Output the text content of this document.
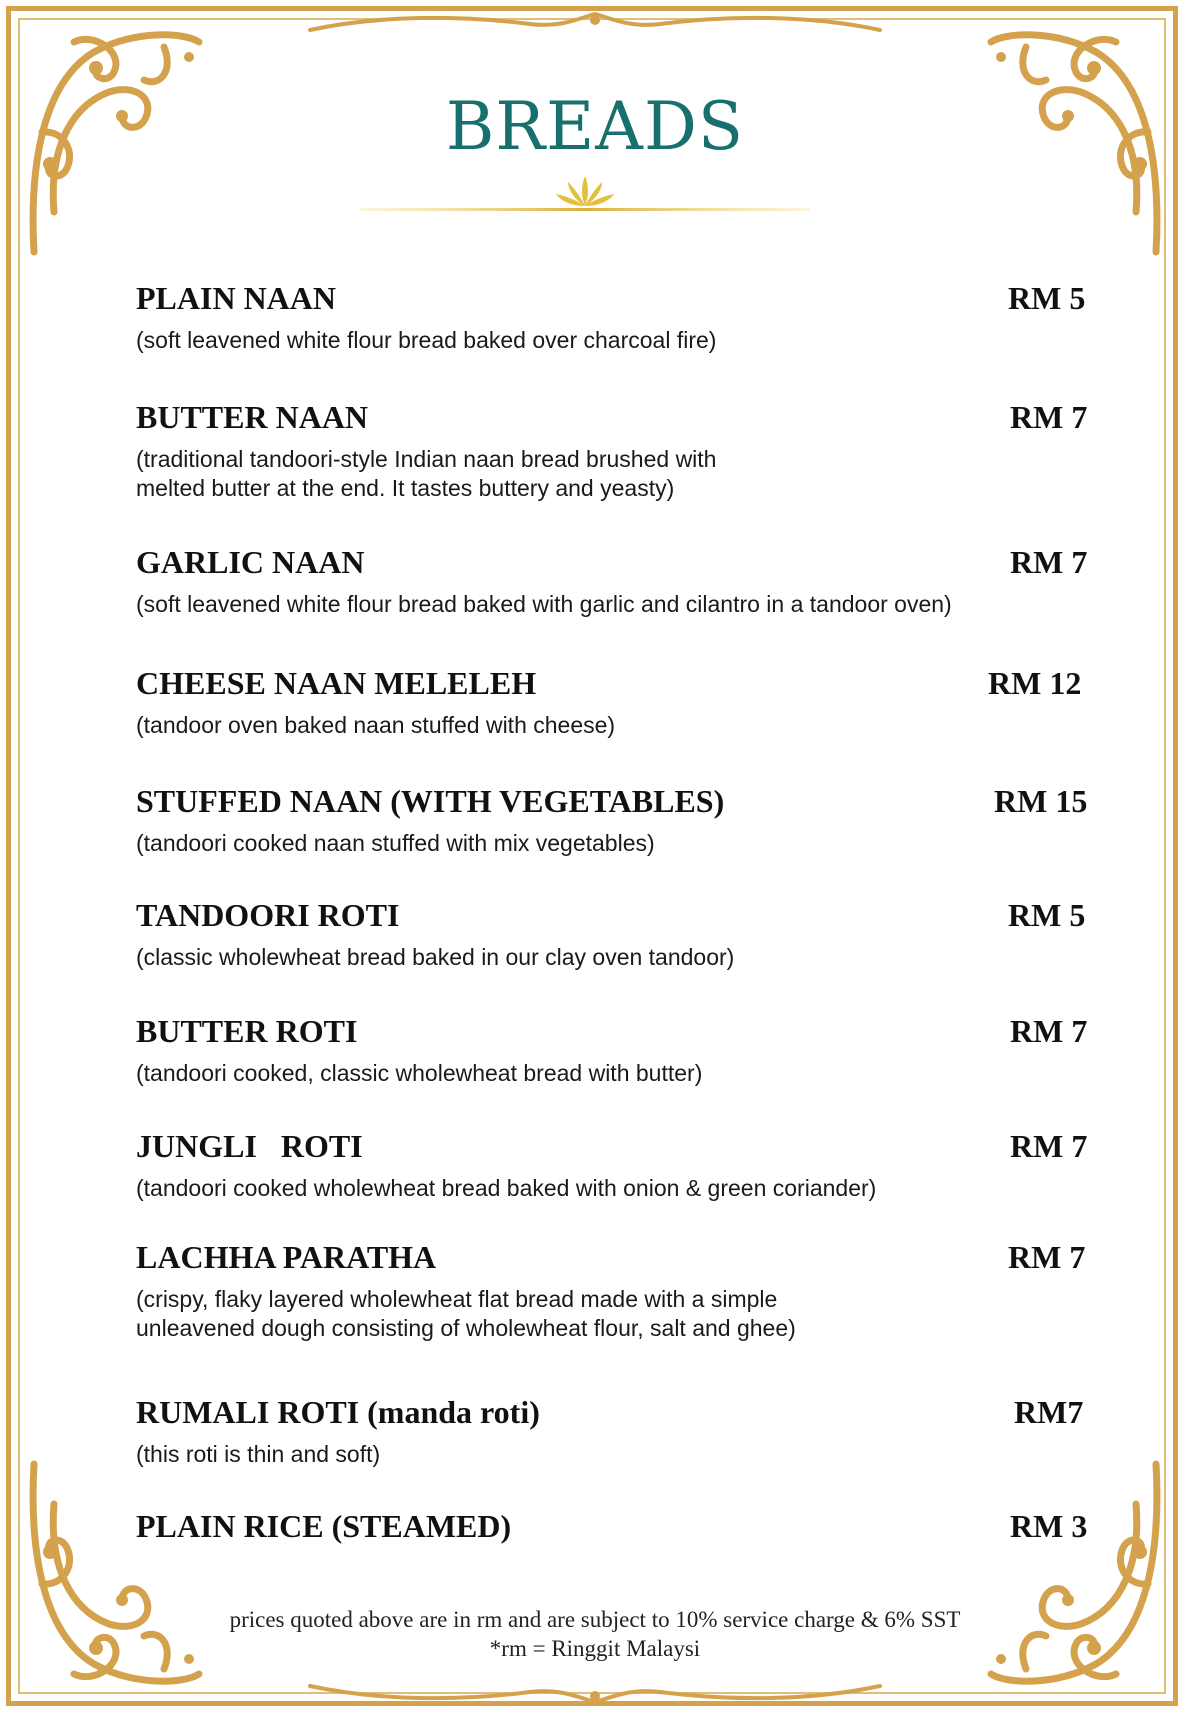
BREADS
PLAIN NAAN	RM 5
(soft leavened white flour bread baked over charcoal fire)
BUTTER NAAN	RM 7
(traditional tandoori-style Indian naan bread brushed with
melted butter at the end. It tastes buttery and yeasty)
GARLIC NAAN	RM 7
(soft leavened white flour bread baked with garlic and cilantro in a tandoor oven)
CHEESE NAAN MELELEH	RM 12
(tandoor oven baked naan stuffed with cheese)
STUFFED NAAN (WITH VEGETABLES)	RM 15
(tandoori cooked naan stuffed with mix vegetables)
TANDOORI ROTI	RM 5
(classic wholewheat bread baked in our clay oven tandoor)
BUTTER ROTI	RM 7
(tandoori cooked, classic wholewheat bread with butter)
JUNGLI   ROTI	RM 7
(tandoori cooked wholewheat bread baked with onion & green coriander)
LACHHA PARATHA	RM 7
(crispy, flaky layered wholewheat flat bread made with a simple
unleavened dough consisting of wholewheat flour, salt and ghee)
RUMALI ROTI (manda roti)	RM7
(this roti is thin and soft)
PLAIN RICE (STEAMED)	RM 3
prices quoted above are in rm and are subject to 10% service charge & 6% SST
*rm = Ringgit Malaysi
